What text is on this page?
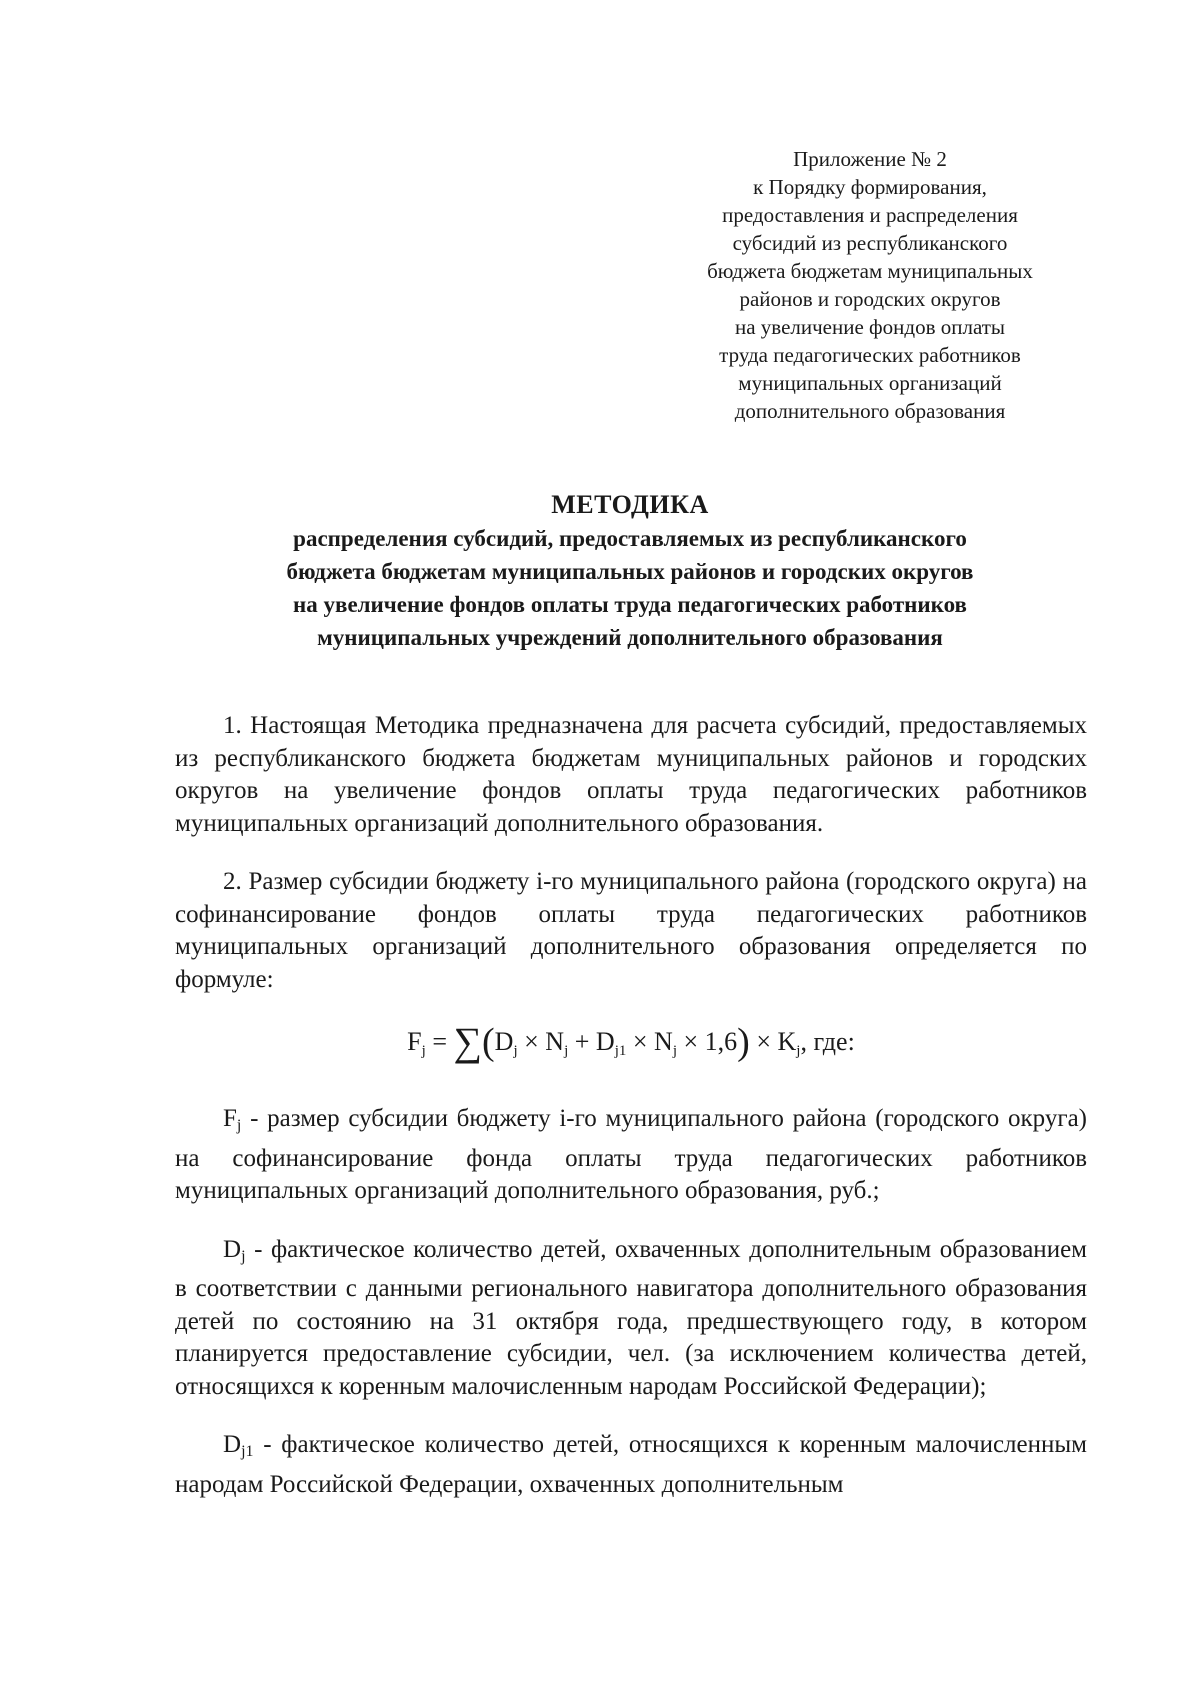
Приложение № 2
к Порядку формирования,
предоставления и распределения
субсидий из республиканского
бюджета бюджетам муниципальных
районов и городских округов
на увеличение фондов оплаты
труда педагогических работников
муниципальных организаций
дополнительного образования
МЕТОДИКА
распределения субсидий, предоставляемых из республиканского
бюджета бюджетам муниципальных районов и городских округов
на увеличение фондов оплаты труда педагогических работников
муниципальных учреждений дополнительного образования

1. Настоящая Методика предназначена для расчета субсидий, предоставляемых из республиканского бюджета бюджетам муниципальных районов и городских округов на увеличение фондов оплаты труда педагогических работников муниципальных организаций дополнительного образования.

2. Размер субсидии бюджету i-го муниципального района (городского округа) на софинансирование фондов оплаты труда педагогических работников муниципальных организаций дополнительного образования определяется по формуле:

$F_j = \sum(D_j \times N_j + D_{j1} \times N_j \times 1,6) \times K_j$, где:

$F_j$ - размер субсидии бюджету i-го муниципального района (городского округа) на софинансирование фонда оплаты труда педагогических работников муниципальных организаций дополнительного образования, руб.;

$D_j$ - фактическое количество детей, охваченных дополнительным образованием в соответствии с данными регионального навигатора дополнительного образования детей по состоянию на 31 октября года, предшествующего году, в котором планируется предоставление субсидии, чел. (за исключением количества детей, относящихся к коренным малочисленным народам Российской Федерации);

$D_{j1}$ - фактическое количество детей, относящихся к коренным малочисленным народам Российской Федерации, охваченных дополнительным
